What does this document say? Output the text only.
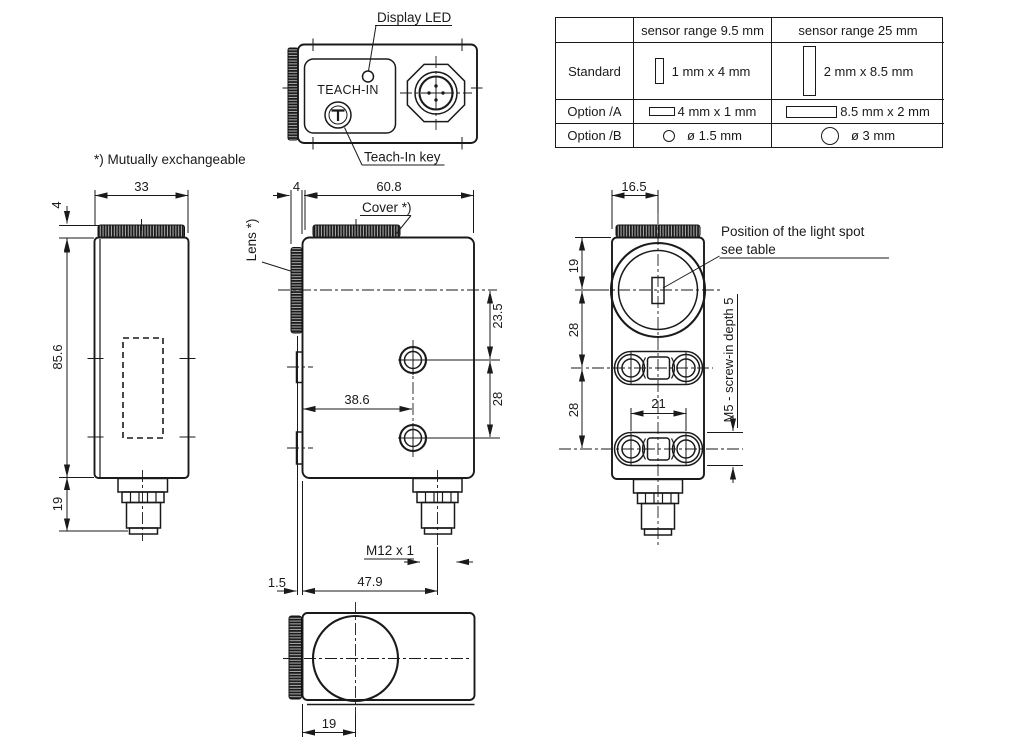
TEACH-IN
Display LED
Teach-In key
*) Mutually exchangeable
33
4
85.6
19
4	60.8
Cover *)
Lens *)
23.5
28
38.6
M12 x 1
1.5	47.9
16.5
19
28
28	21	M5 - screw-in depth 5
Position of the light spot
see table
19
sensor range 9.5 mm	sensor range 25 mm
Standard	1 mm x 4 mm	2 mm x 8.5 mm
Option /A	4 mm x 1 mm	8.5 mm x 2 mm
Option /B	ø 1.5 mm	ø 3 mm
